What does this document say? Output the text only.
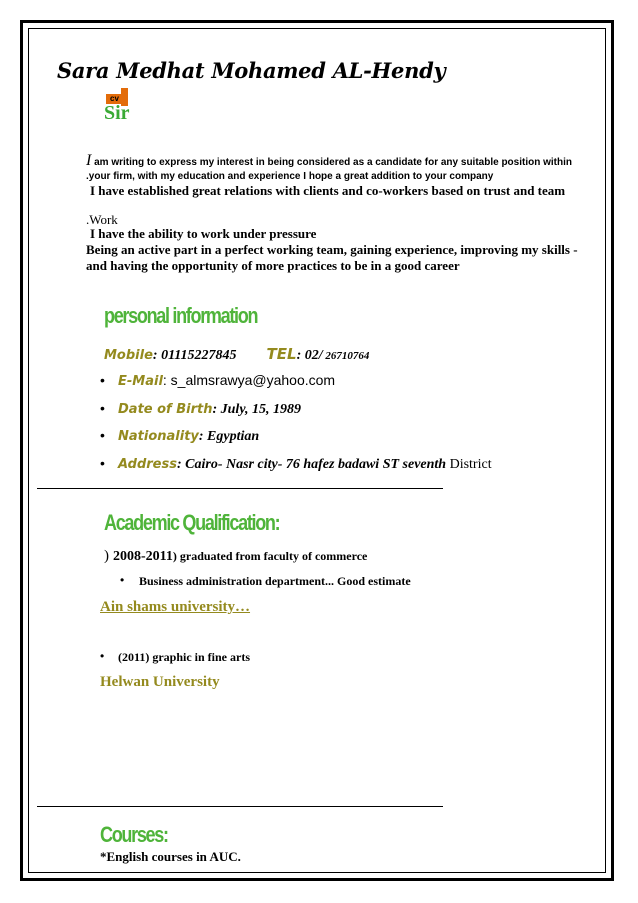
Sara Medhat Mohamed AL-Hendy
cv
Sir
I am writing to express my interest in being considered as a candidate for any suitable position within
.your firm, with my education and experience I hope a great addition to your company
I have established great relations with clients and co-workers based on trust and team
.Work
I have the ability to work under pressure
Being an active part in a perfect working team, gaining experience, improving my skills -
and having the opportunity of more practices to be in a good career
personal information
Mobile: 01115227845 TEL: 02/ 26710764
• E-Mail: s_almsrawya@yahoo.com
• Date of Birth: July, 15, 1989
• Nationality: Egyptian
• Address: Cairo- Nasr city- 76 hafez badawi ST seventh District
Academic Qualification:
) 2008-2011) graduated from faculty of commerce
• Business administration department... Good estimate
Ain shams university…
• (2011) graphic in fine arts
Helwan University
Courses:
*English courses in AUC.
